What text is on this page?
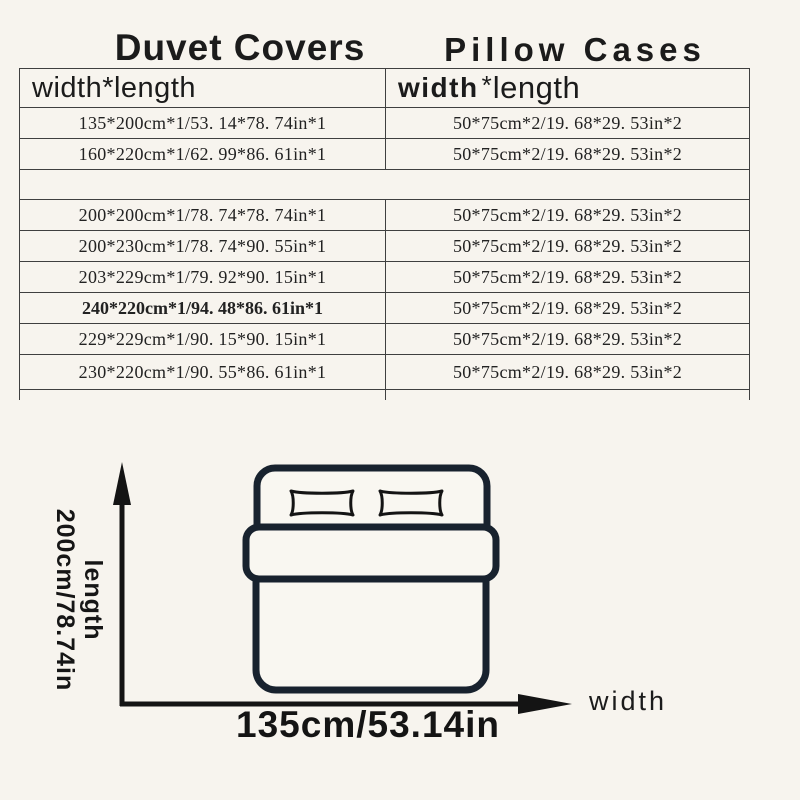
Duvet Covers	Pillow Cases
width*length	width * length
135*200cm*1/53. 14*78. 74in*1	50*75cm*2/19. 68*29. 53in*2
160*220cm*1/62. 99*86. 61in*1	50*75cm*2/19. 68*29. 53in*2
200*200cm*1/78. 74*78. 74in*1	50*75cm*2/19. 68*29. 53in*2
200*230cm*1/78. 74*90. 55in*1	50*75cm*2/19. 68*29. 53in*2
203*229cm*1/79. 92*90. 15in*1	50*75cm*2/19. 68*29. 53in*2
240*220cm*1/94. 48*86. 61in*1	50*75cm*2/19. 68*29. 53in*2
229*229cm*1/90. 15*90. 15in*1	50*75cm*2/19. 68*29. 53in*2
230*220cm*1/90. 55*86. 61in*1	50*75cm*2/19. 68*29. 53in*2
length
200cm/78.74in
135cm/53.14in
width
